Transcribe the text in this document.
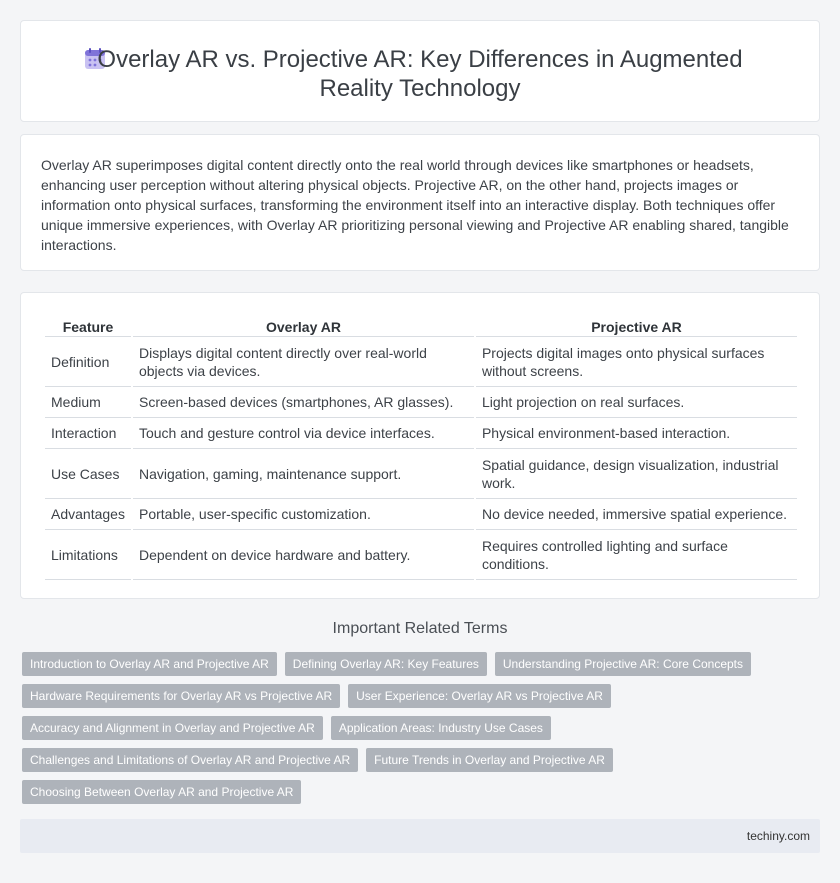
Overlay AR vs. Projective AR: Key Differences in Augmented Reality Technology

Overlay AR superimposes digital content directly onto the real world through devices like smartphones or headsets, enhancing user perception without altering physical objects. Projective AR, on the other hand, projects images or information onto physical surfaces, transforming the environment itself into an interactive display. Both techniques offer unique immersive experiences, with Overlay AR prioritizing personal viewing and Projective AR enabling shared, tangible interactions.

Feature	Overlay AR	Projective AR
Definition	Displays digital content directly over real-world objects via devices.	Projects digital images onto physical surfaces without screens.
Medium	Screen-based devices (smartphones, AR glasses).	Light projection on real surfaces.
Interaction	Touch and gesture control via device interfaces.	Physical environment-based interaction.
Use Cases	Navigation, gaming, maintenance support.	Spatial guidance, design visualization, industrial work.
Advantages	Portable, user-specific customization.	No device needed, immersive spatial experience.
Limitations	Dependent on device hardware and battery.	Requires controlled lighting and surface conditions.
Important Related Terms
Introduction to Overlay AR and Projective AR	Defining Overlay AR: Key Features	Understanding Projective AR: Core Concepts
Hardware Requirements for Overlay AR vs Projective AR	User Experience: Overlay AR vs Projective AR
Accuracy and Alignment in Overlay and Projective AR	Application Areas: Industry Use Cases
Challenges and Limitations of Overlay AR and Projective AR	Future Trends in Overlay and Projective AR
Choosing Between Overlay AR and Projective AR
techiny.com
